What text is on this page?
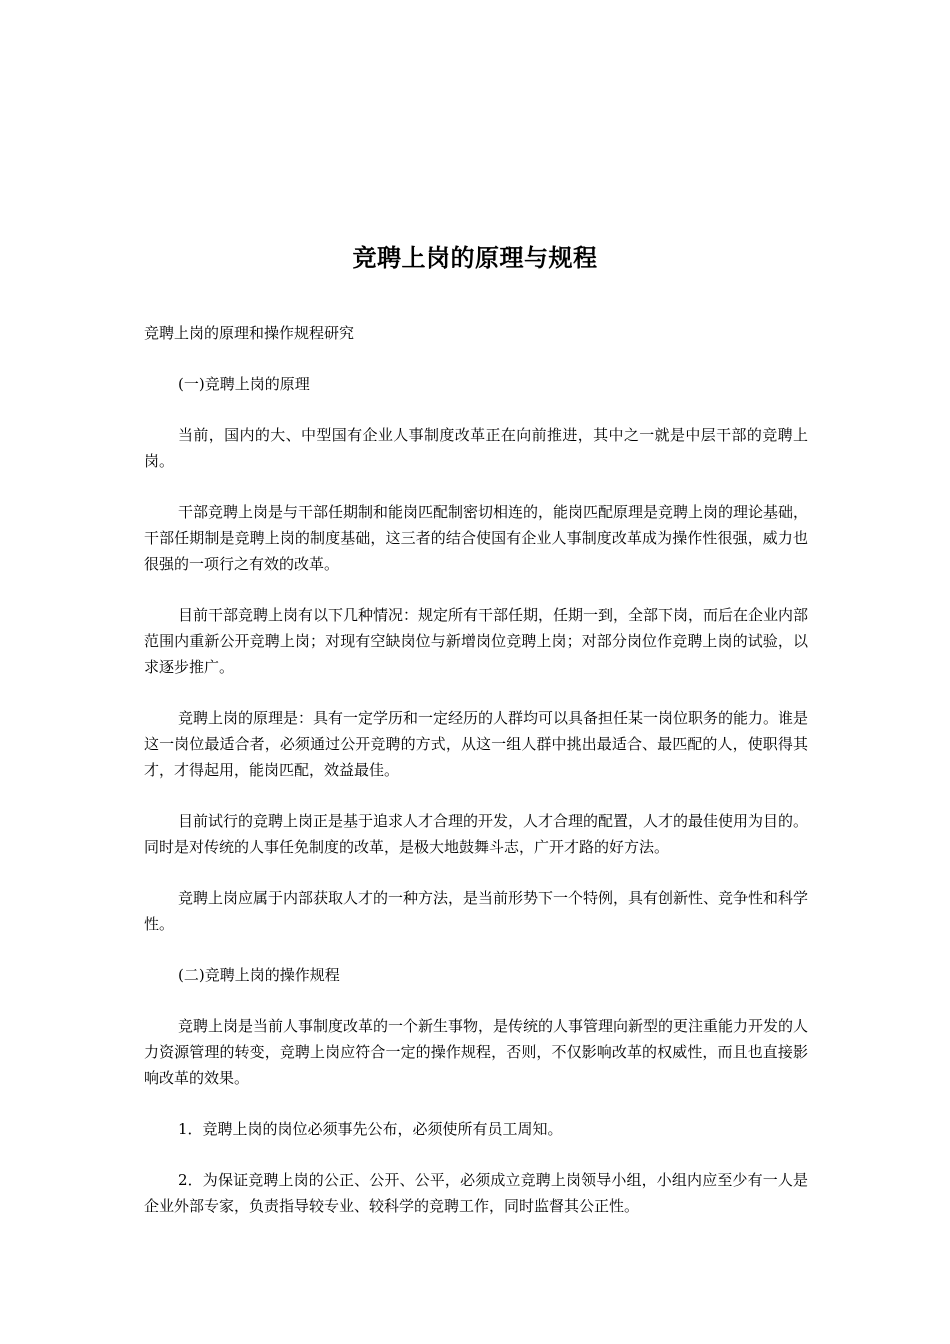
竞聘上岗的原理与规程

竞聘上岗的原理和操作规程研究

(一)竞聘上岗的原理

当前，国内的大、中型国有企业人事制度改革正在向前推进，其中之一就是中层干部的竞聘上岗。

干部竞聘上岗是与干部任期制和能岗匹配制密切相连的，能岗匹配原理是竞聘上岗的理论基础，干部任期制是竞聘上岗的制度基础，这三者的结合使国有企业人事制度改革成为操作性很强，威力也很强的一项行之有效的改革。

目前干部竞聘上岗有以下几种情况：规定所有干部任期，任期一到，全部下岗，而后在企业内部范围内重新公开竞聘上岗；对现有空缺岗位与新增岗位竞聘上岗；对部分岗位作竞聘上岗的试验，以求逐步推广。

竞聘上岗的原理是：具有一定学历和一定经历的人群均可以具备担任某一岗位职务的能力。谁是这一岗位最适合者，必须通过公开竞聘的方式，从这一组人群中挑出最适合、最匹配的人，使职得其才，才得起用，能岗匹配，效益最佳。

目前试行的竞聘上岗正是基于追求人才合理的开发，人才合理的配置，人才的最佳使用为目的。同时是对传统的人事任免制度的改革，是极大地鼓舞斗志，广开才路的好方法。

竞聘上岗应属于内部获取人才的一种方法，是当前形势下一个特例，具有创新性、竞争性和科学性。

(二)竞聘上岗的操作规程

竞聘上岗是当前人事制度改革的一个新生事物，是传统的人事管理向新型的更注重能力开发的人力资源管理的转变，竞聘上岗应符合一定的操作规程，否则，不仅影响改革的权威性，而且也直接影响改革的效果。

1．竞聘上岗的岗位必须事先公布，必须使所有员工周知。

2．为保证竞聘上岗的公正、公开、公平，必须成立竞聘上岗领导小组，小组内应至少有一人是企业外部专家，负责指导较专业、较科学的竞聘工作，同时监督其公正性。
